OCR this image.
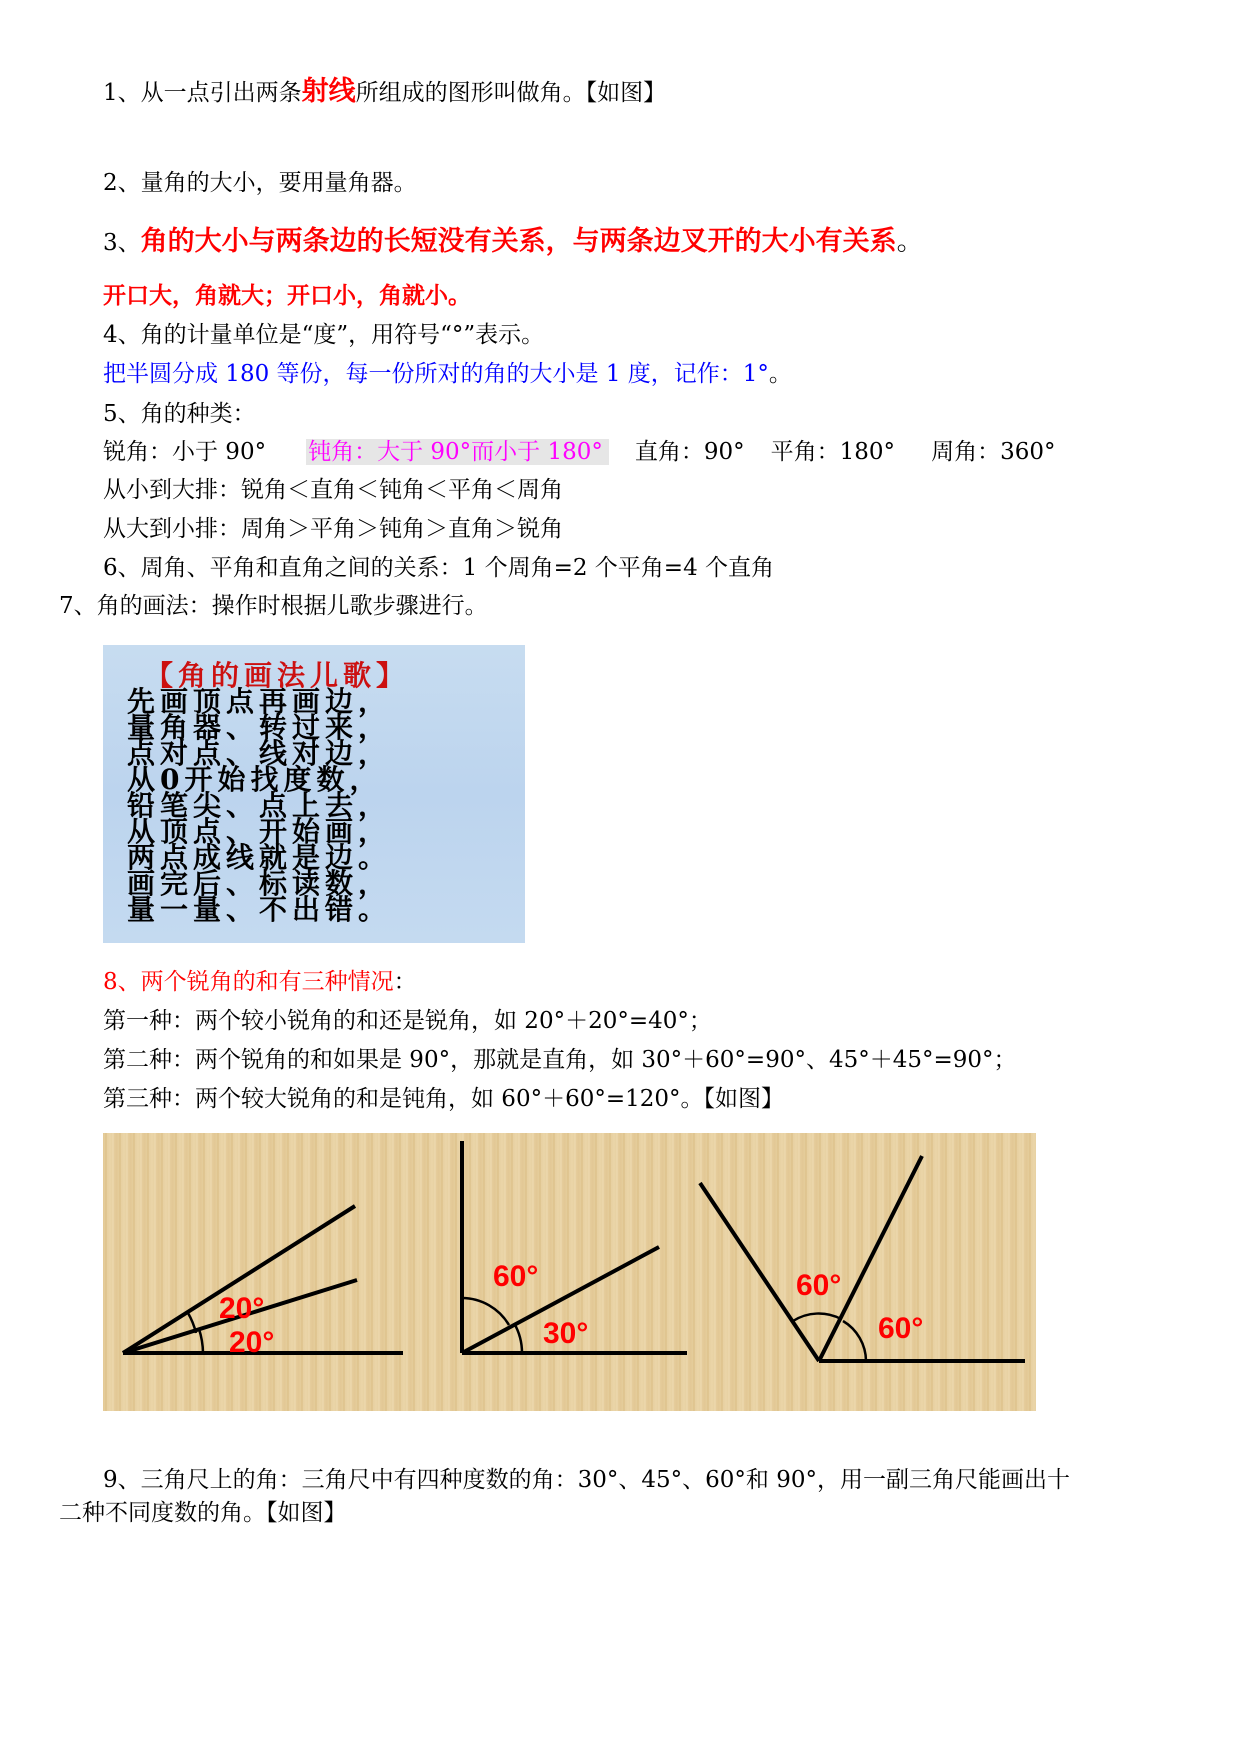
1、从一点引出两条射线所组成的图形叫做角。【如图】
2、量角的大小，要用量角器。
3、角的大小与两条边的长短没有关系，与两条边叉开的大小有关系。
开口大，角就大；开口小，角就小。
4、角的计量单位是“度”，用符号“°”表示。
把半圆分成 180 等份，每一份所对的角的大小是 1 度，记作：1°。
5、角的种类：
锐角：小于 90° 钝角：大于 90°而小于 180° 直角：90° 平角：180° 周角：360°
从小到大排：锐角＜直角＜钝角＜平角＜周角
从大到小排：周角＞平角＞钝角＞直角＞锐角
6、周角、平角和直角之间的关系：1 个周角=2 个平角=4 个直角
7、角的画法：操作时根据儿歌步骤进行。
【角的画法儿歌】
先画顶点再画边，
量角器、转过来，
点对点、线对边，
从0开始找度数，
铅笔尖、点上去，
从顶点、开始画，
两点成线就是边。
画完后、标读数，
量一量、不出错。
8、两个锐角的和有三种情况：
第一种：两个较小锐角的和还是锐角，如 20°＋20°=40°；
第二种：两个锐角的和如果是 90°，那就是直角，如 30°＋60°=90°、45°＋45°=90°；
第三种：两个较大锐角的和是钝角，如 60°＋60°=120°。【如图】
20°
20°
60°
30°
60°
60°
9、三角尺上的角：三角尺中有四种度数的角：30°、45°、60°和 90°，用一副三角尺能画出十
二种不同度数的角。【如图】
